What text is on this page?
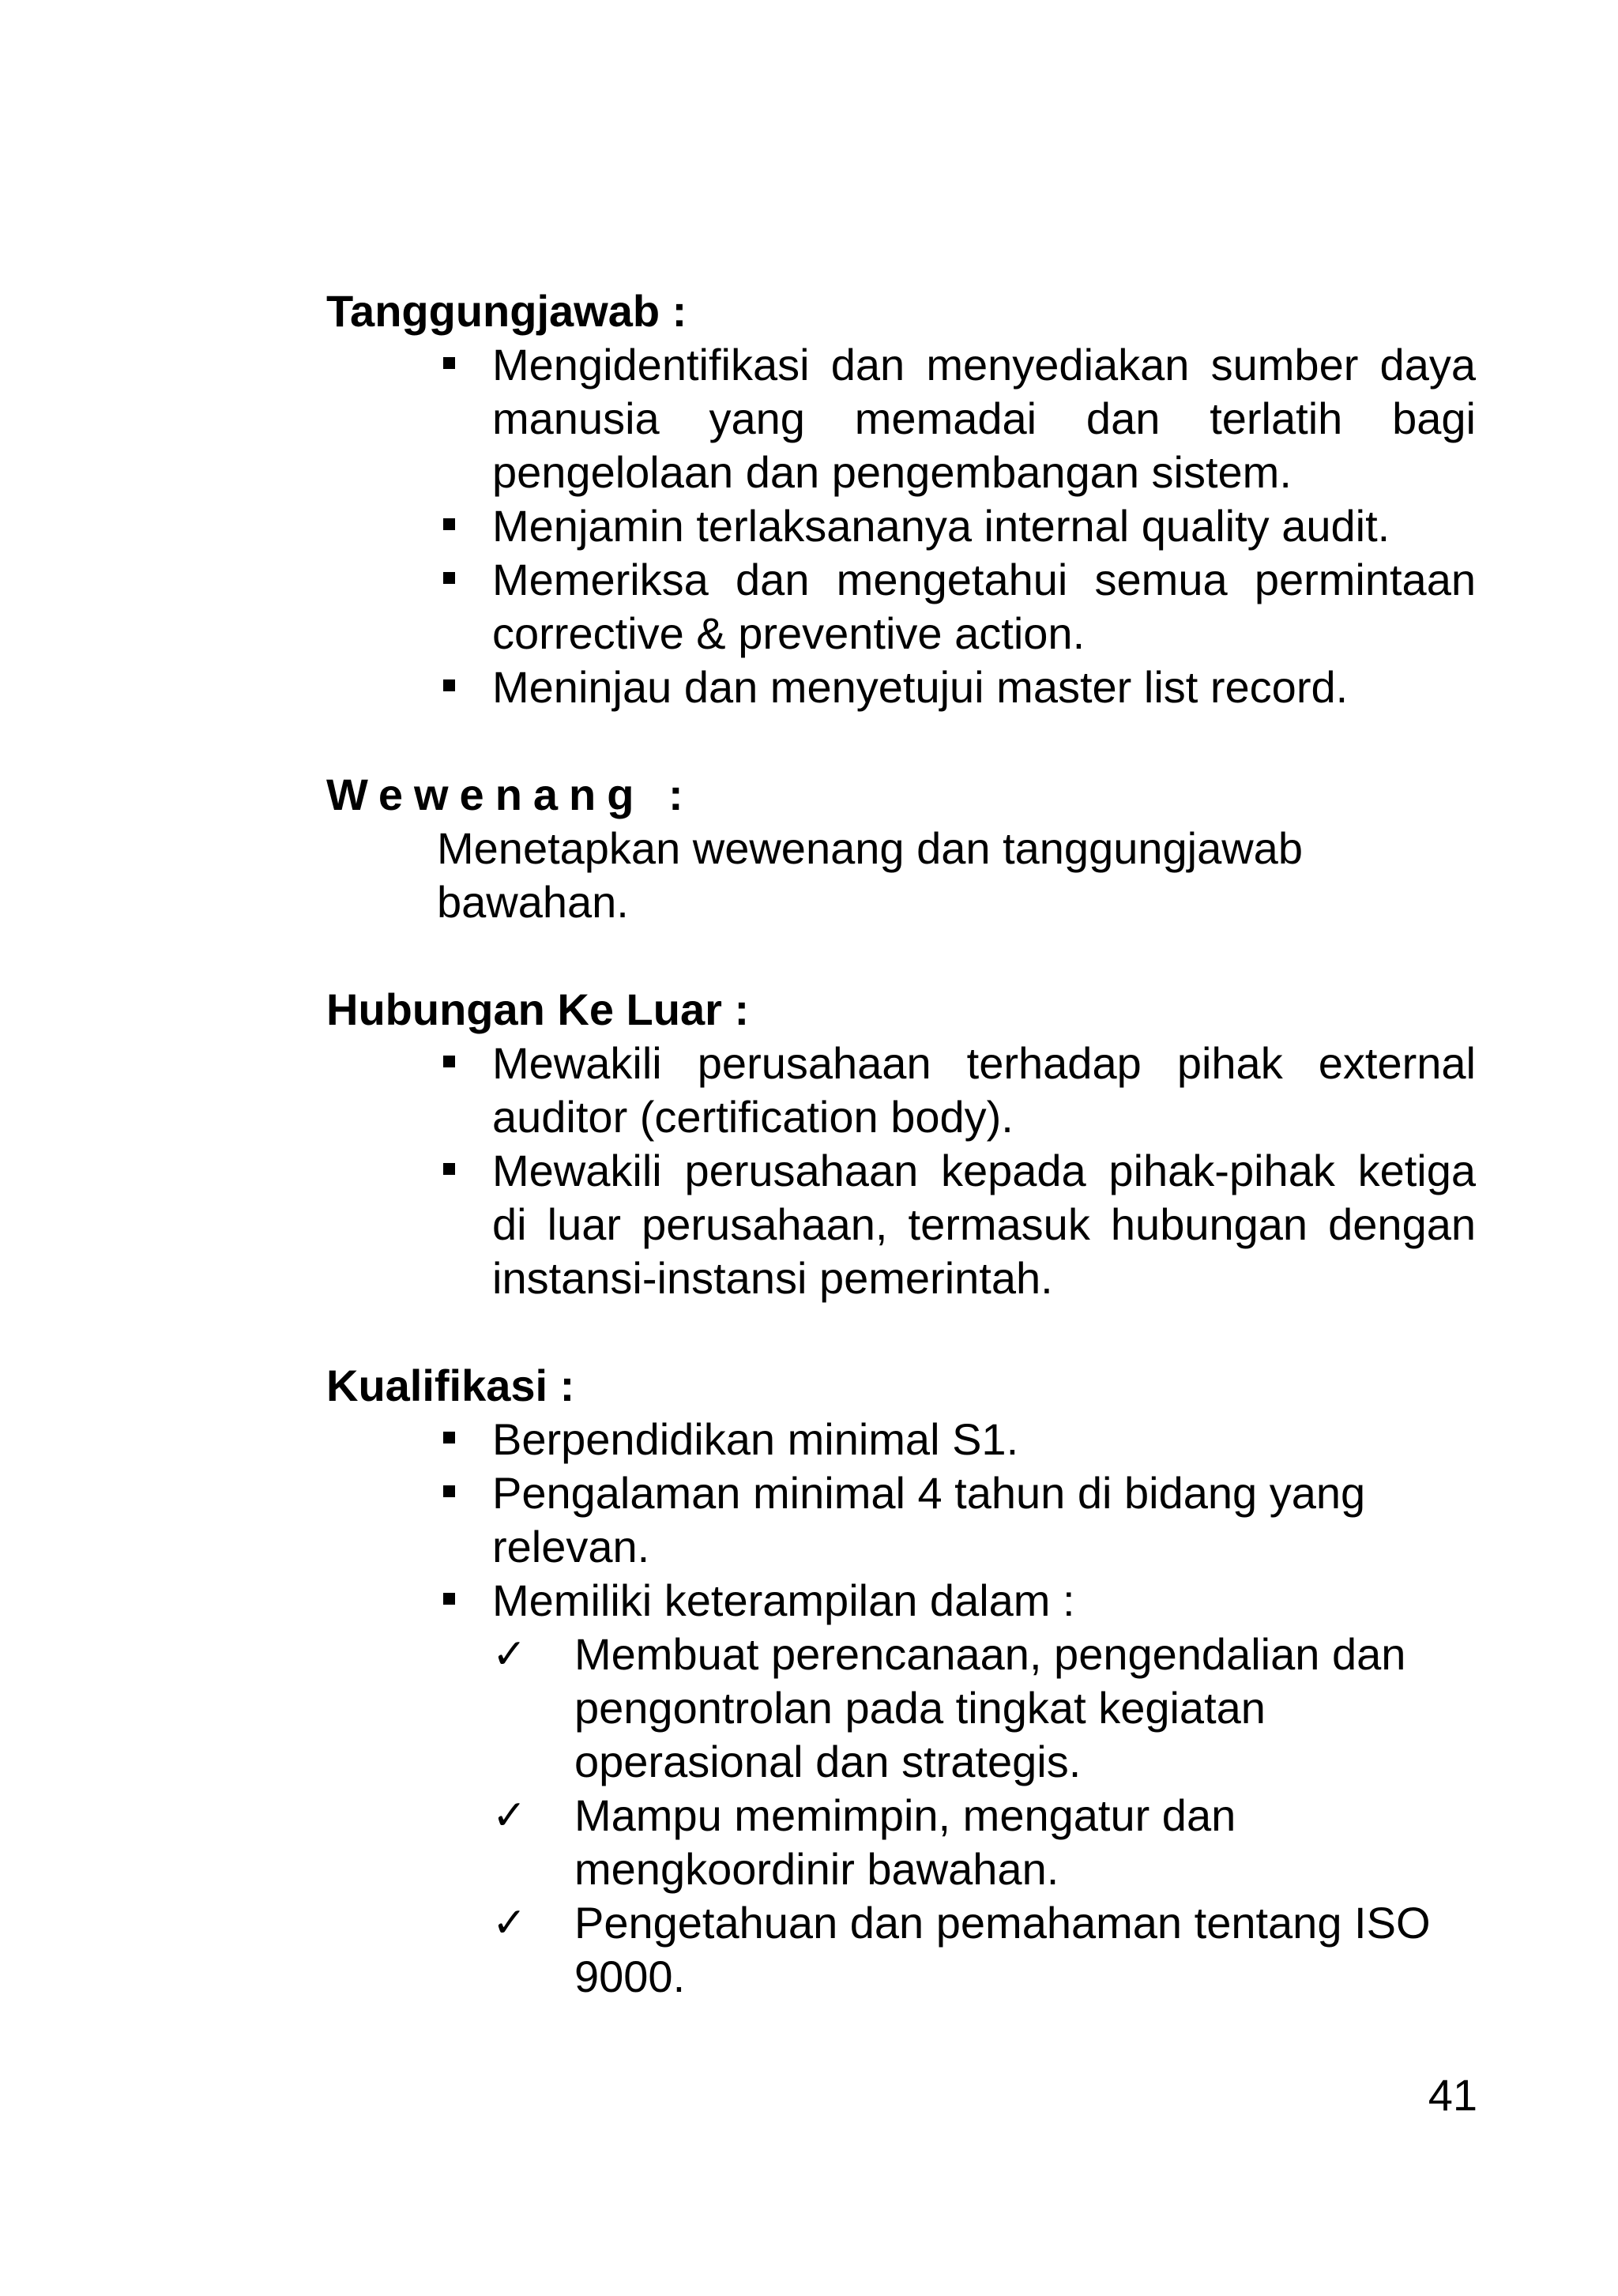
Tanggungjawab :

Mengidentifikasi dan menyediakan sumber daya manusia yang memadai dan terlatih bagi pengelolaan dan pengembangan sistem.
Menjamin terlaksananya internal quality audit.
Memeriksa dan mengetahui semua permintaan corrective & preventive action.
Meninjau dan menyetujui master list record.

Wewenang :

Menetapkan wewenang dan tanggungjawab
bawahan.

Hubungan Ke Luar :

Mewakili perusahaan terhadap pihak external auditor (certification body).
Mewakili perusahaan kepada pihak-pihak ketiga di luar perusahaan, termasuk hubungan dengan instansi-instansi pemerintah.

Kualifikasi :

Berpendidikan minimal S1.
Pengalaman minimal 4 tahun di bidang yang relevan.
Memiliki keterampilan dalam :
✓ Membuat perencanaan, pengendalian dan pengontrolan pada tingkat kegiatan operasional dan strategis.
✓ Mampu memimpin, mengatur dan mengkoordinir bawahan.
✓ Pengetahuan dan pemahaman tentang ISO 9000.
41
